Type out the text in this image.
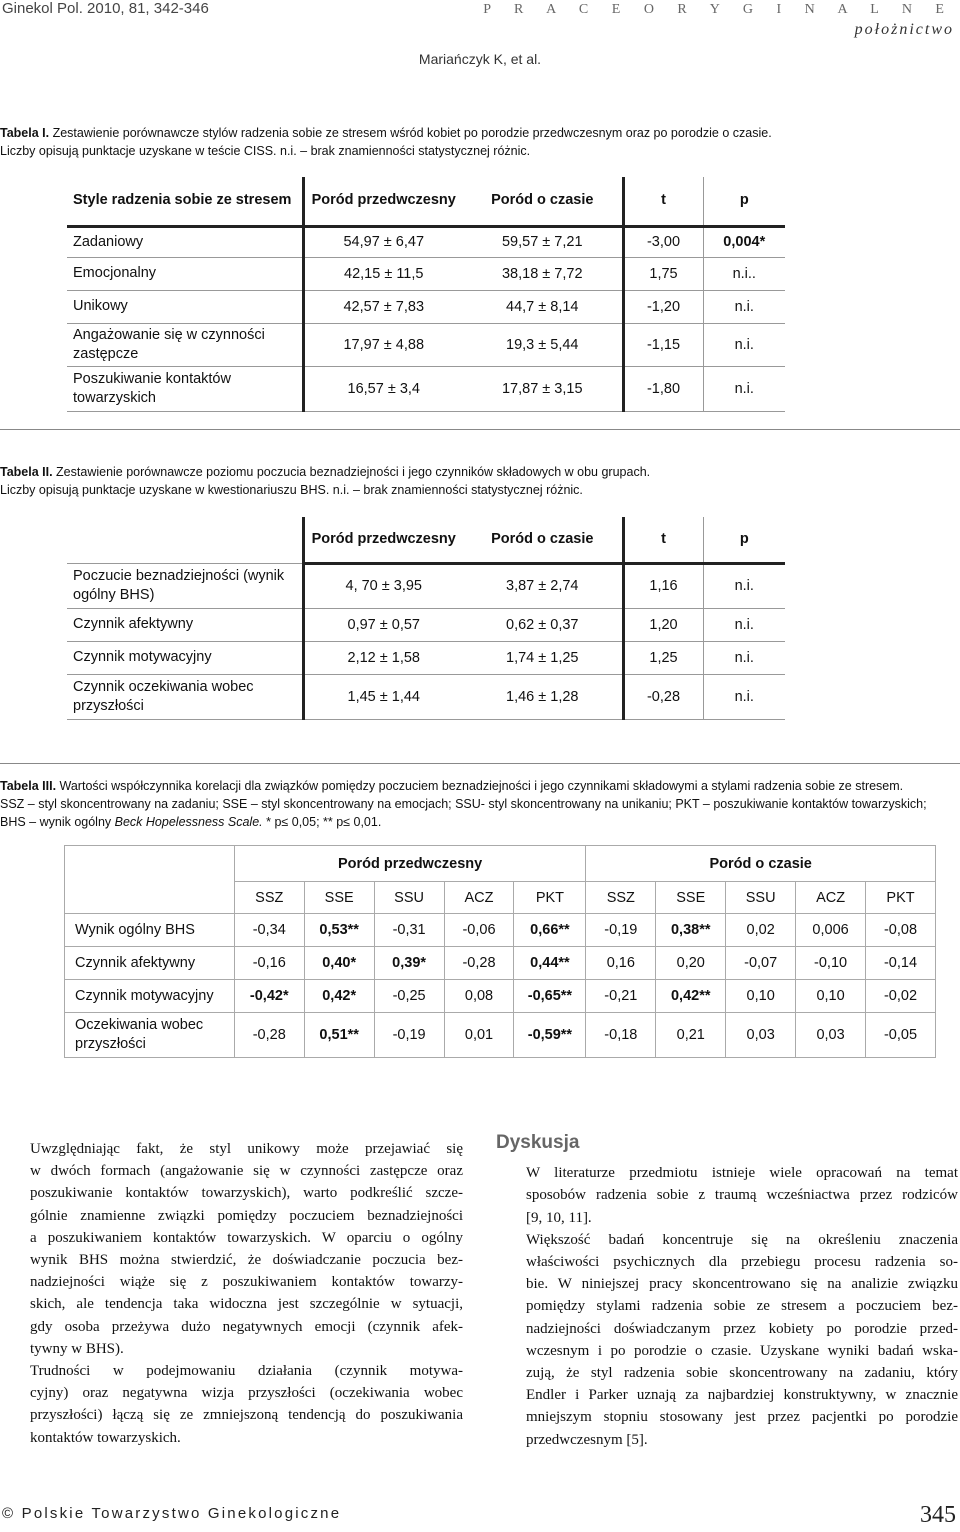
Ginekol Pol. 2010, 81, 342-346	P R A C E O R Y G I N A L N E
położnictwo
Mariańczyk K, et al.
Tabela I. Zestawienie porównawcze stylów radzenia sobie ze stresem wśród kobiet po porodzie przedwczesnym oraz po porodzie o czasie.
Liczby opisują punktacje uzyskane w teście CISS. n.i. – brak znamienności statystycznej różnic.
Style radzenia sobie ze stresem	Poród przedwczesny	Poród o czasie	t	p
Zadaniowy	54,97 ± 6,47	59,57 ± 7,21	-3,00	0,004*
Emocjonalny	42,15 ± 11,5	38,18 ± 7,72	1,75	n.i..
Unikowy	42,57 ± 7,83	44,7 ± 8,14	-1,20	n.i.
Angażowanie się w czynności zastępcze	17,97 ± 4,88	19,3 ± 5,44	-1,15	n.i.
Poszukiwanie kontaktów towarzyskich	16,57 ± 3,4	17,87 ± 3,15	-1,80	n.i.
Tabela II. Zestawienie porównawcze poziomu poczucia beznadziejności i jego czynników składowych w obu grupach.
Liczby opisują punktacje uzyskane w kwestionariuszu BHS. n.i. – brak znamienności statystycznej różnic.
	Poród przedwczesny	Poród o czasie	t	p
Poczucie beznadziejności (wynik ogólny BHS)	4, 70 ± 3,95	3,87 ± 2,74	1,16	n.i.
Czynnik afektywny	0,97 ± 0,57	0,62 ± 0,37	1,20	n.i.
Czynnik motywacyjny	2,12 ± 1,58	1,74 ± 1,25	1,25	n.i.
Czynnik oczekiwania wobec przyszłości	1,45 ± 1,44	1,46 ± 1,28	-0,28	n.i.
Tabela III. Wartości współczynnika korelacji dla związków pomiędzy poczuciem beznadziejności i jego czynnikami składowymi a stylami radzenia sobie ze stresem.
SSZ – styl skoncentrowany na zadaniu; SSE – styl skoncentrowany na emocjach; SSU- styl skoncentrowany na unikaniu; PKT – poszukiwanie kontaktów towarzyskich;
BHS – wynik ogólny Beck Hopelessness Scale. * p≤ 0,05; ** p≤ 0,01.
	Poród przedwczesny					Poród o czasie				
	SSZ	SSE	SSU	ACZ	PKT	SSZ	SSE	SSU	ACZ	PKT
Wynik ogólny BHS	-0,34	0,53**	-0,31	-0,06	0,66**	-0,19	0,38**	0,02	0,006	-0,08
Czynnik afektywny	-0,16	0,40*	0,39*	-0,28	0,44**	0,16	0,20	-0,07	-0,10	-0,14
Czynnik motywacyjny	-0,42*	0,42*	-0,25	0,08	-0,65**	-0,21	0,42**	0,10	0,10	-0,02
Oczekiwania wobec przyszłości	-0,28	0,51**	-0,19	0,01	-0,59**	-0,18	0,21	0,03	0,03	-0,05

Uwzględniając fakt, że styl unikowy może przejawiać się
w dwóch formach (angażowanie się w czynności zastępcze oraz
poszukiwanie kontaktów towarzyskich), warto podkreślić szcze-
gólnie znamienne związki pomiędzy poczuciem beznadziejności
a poszukiwaniem kontaktów towarzyskich. W oparciu o ogólny
wynik BHS można stwierdzić, że doświadczanie poczucia bez-
nadziejności wiąże się z poszukiwaniem kontaktów towarzy-
skich, ale tendencja taka widoczna jest szczególnie w sytuacji,
gdy osoba przeżywa dużo negatywnych emocji (czynnik afek-
tywny w BHS).

Trudności w podejmowaniu działania (czynnik motywa-
cyjny) oraz negatywna wizja przyszłości (oczekiwania wobec
przyszłości) łączą się ze zmniejszoną tendencją do poszukiwania
kontaktów towarzyskich.

Dyskusja

W literaturze przedmiotu istnieje wiele opracowań na temat
sposobów radzenia sobie z traumą wcześniactwa przez rodziców
[9, 10, 11].

Większość badań koncentruje się na określeniu znaczenia
właściwości psychicznych dla przebiegu procesu radzenia so-
bie. W niniejszej pracy skoncentrowano się na analizie związku
pomiędzy stylami radzenia sobie ze stresem a poczuciem bez-
nadziejności doświadczanym przez kobiety po porodzie przed-
wczesnym i po porodzie o czasie. Uzyskane wyniki badań wska-
zują, że styl radzenia sobie skoncentrowany na zadaniu, który
Endler i Parker uznają za najbardziej konstruktywny, w znacznie
mniejszym stopniu stosowany jest przez pacjentki po porodzie
przedwczesnym [5].

© Polskie Towarzystwo Ginekologiczne	345
